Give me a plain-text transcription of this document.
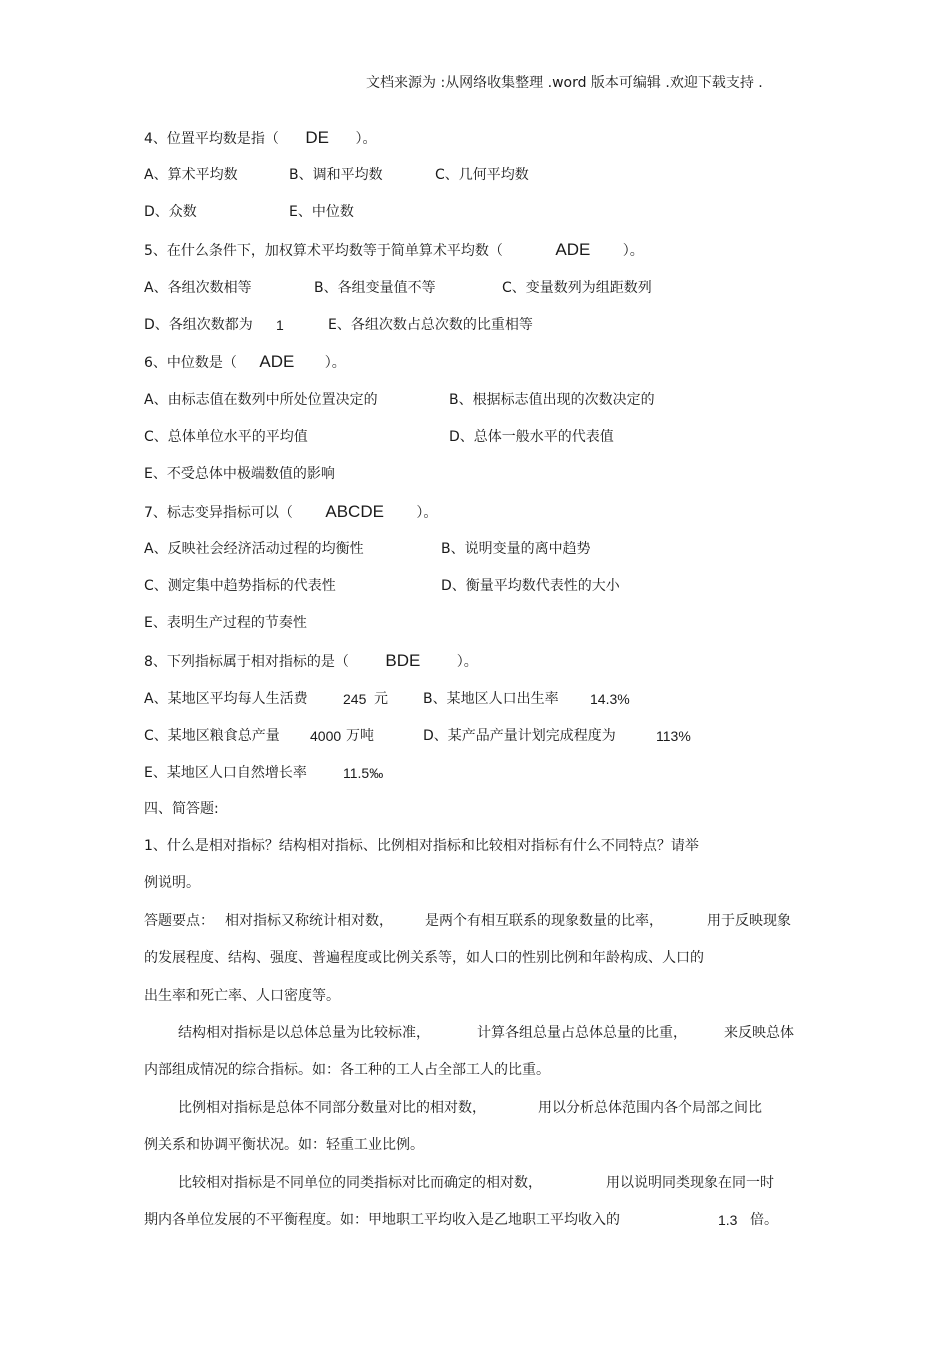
文档来源为 :从网络收集整理 .word 版本可编辑 .欢迎下载支持 .
4、位置平均数是指（ DE ）。
A、算术平均数	B、调和平均数	C、几何平均数
D、众数	E、中位数
5、在什么条件下，加权算术平均数等于简单算术平均数（	ADE ）。
A、各组次数相等	B、各组变量值不等	C、变量数列为组距数列
D、各组次数都为 1	E、各组次数占总次数的比重相等
6、中位数是（ ADE ）。
A、由标志值在数列中所处位置决定的	B、根据标志值出现的次数决定的
C、总体单位水平的平均值	D、总体一般水平的代表值
E、不受总体中极端数值的影响
7、标志变异指标可以（ ABCDE ）。
A、反映社会经济活动过程的均衡性	B、说明变量的离中趋势
C、测定集中趋势指标的代表性	D、衡量平均数代表性的大小
E、表明生产过程的节奏性
8、下列指标属于相对指标的是（ BDE	）。
A、某地区平均每人生活费	245 元	B、某地区人口出生率 14.3%
C、某地区粮食总产量 4000 万吨	D、某产品产量计划完成程度为	113%
E、某地区人口自然增长率	11.5‰
四、简答题:
1、什么是相对指标？结构相对指标、比例相对指标和比较相对指标有什么不同特点？请举
例说明。
答题要点： 相对指标又称统计相对数， 是两个有相互联系的现象数量的比率，	用于反映现象
的发展程度、结构、强度、普遍程度或比例关系等，如人口的性别比例和年龄构成、人口的
出生率和死亡率、人口密度等。
结构相对指标是以总体总量为比较标准，	计算各组总量占总体总量的比重，	来反映总体
内部组成情况的综合指标。如：各工种的工人占全部工人的比重。
比例相对指标是总体不同部分数量对比的相对数，	用以分析总体范围内各个局部之间比
例关系和协调平衡状况。如：轻重工业比例。
比较相对指标是不同单位的同类指标对比而确定的相对数，	用以说明同类现象在同一时
期内各单位发展的不平衡程度。如：甲地职工平均收入是乙地职工平均收入的	1.3 倍。
